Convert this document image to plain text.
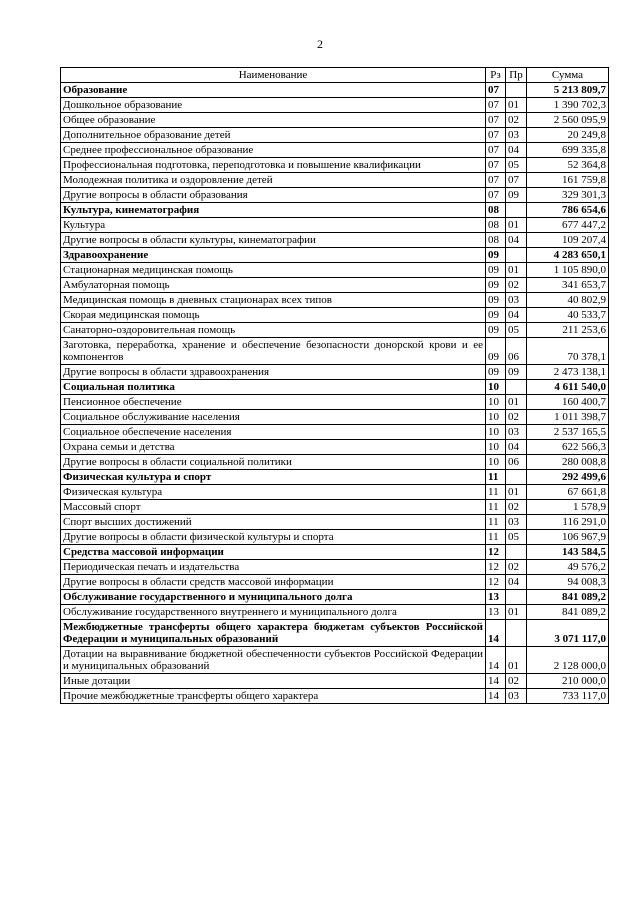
2
Наименование	Рз	Пр	Сумма
Образование	07		5 213 809,7
Дошкольное образование	07	01	1 390 702,3
Общее образование	07	02	2 560 095,9
Дополнительное образование детей	07	03	20 249,8
Среднее профессиональное образование	07	04	699 335,8
Профессиональная подготовка, переподготовка и повышение квалификации	07	05	52 364,8
Молодежная политика и оздоровление детей	07	07	161 759,8
Другие вопросы в области образования	07	09	329 301,3
Культура, кинематография	08		786 654,6
Культура	08	01	677 447,2
Другие вопросы в области культуры, кинематографии	08	04	109 207,4
Здравоохранение	09		4 283 650,1
Стационарная медицинская помощь	09	01	1 105 890,0
Амбулаторная помощь	09	02	341 653,7
Медицинская помощь в дневных стационарах всех типов	09	03	40 802,9
Скорая медицинская помощь	09	04	40 533,7
Санаторно-оздоровительная помощь	09	05	211 253,6
Заготовка, переработка, хранение и обеспечение безопасности донорской крови и ее компонентов	09	06	70 378,1
Другие вопросы в области здравоохранения	09	09	2 473 138,1
Социальная политика	10		4 611 540,0
Пенсионное обеспечение	10	01	160 400,7
Социальное обслуживание населения	10	02	1 011 398,7
Социальное обеспечение населения	10	03	2 537 165,5
Охрана семьи и детства	10	04	622 566,3
Другие вопросы в области социальной политики	10	06	280 008,8
Физическая культура и спорт	11		292 499,6
Физическая культура	11	01	67 661,8
Массовый спорт	11	02	1 578,9
Спорт высших достижений	11	03	116 291,0
Другие вопросы в области физической культуры и спорта	11	05	106 967,9
Средства массовой информации	12		143 584,5
Периодическая печать и издательства	12	02	49 576,2
Другие вопросы в области средств массовой информации	12	04	94 008,3
Обслуживание государственного и муниципального долга	13		841 089,2
Обслуживание государственного внутреннего и муниципального долга	13	01	841 089,2
Межбюджетные трансферты общего характера бюджетам субъектов Российской Федерации и муниципальных образований	14		3 071 117,0
Дотации на выравнивание бюджетной обеспеченности субъектов Российской Федерации и муниципальных образований	14	01	2 128 000,0
Иные дотации	14	02	210 000,0
Прочие межбюджетные трансферты общего характера	14	03	733 117,0
